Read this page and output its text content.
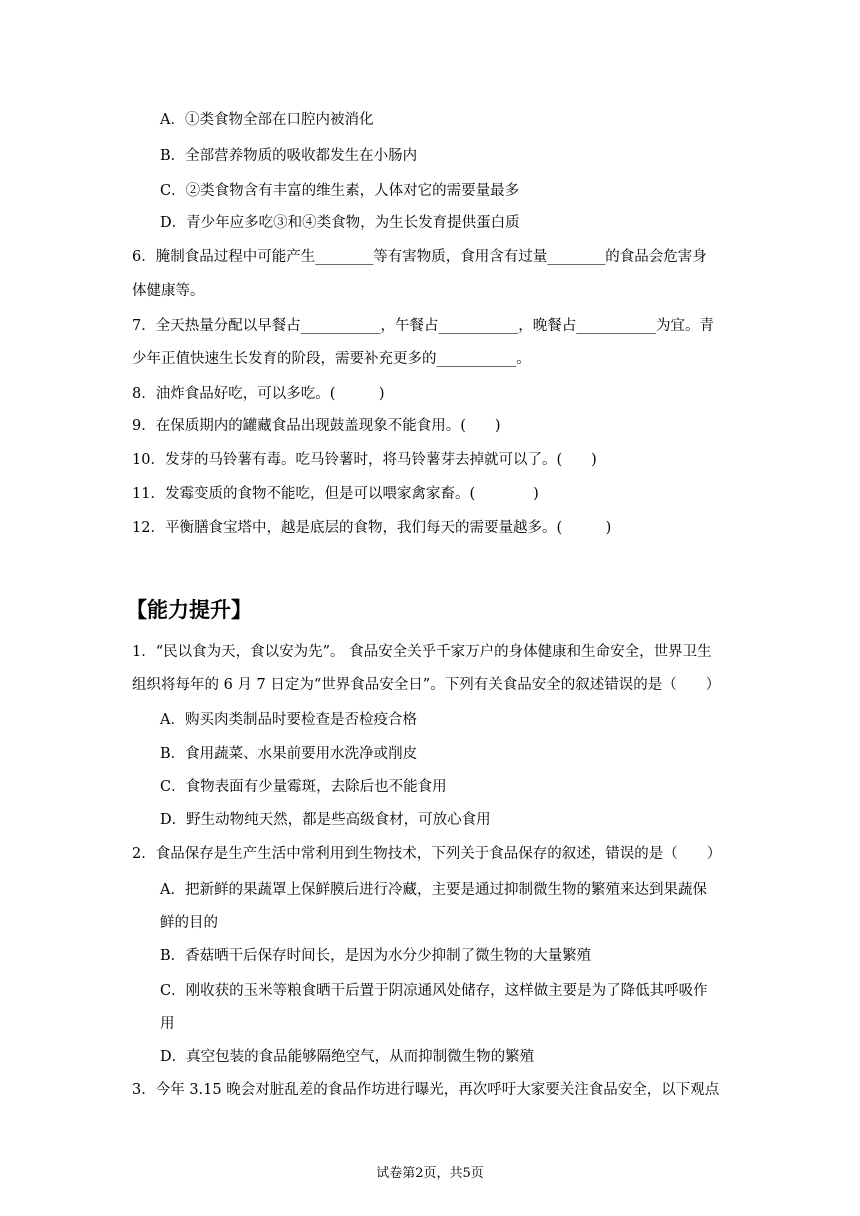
A．①类食物全部在口腔内被消化
B．全部营养物质的吸收都发生在小肠内
C．②类食物含有丰富的维生素，人体对它的需要量最多
D．青少年应多吃③和④类食物，为生长发育提供蛋白质
6．腌制食品过程中可能产生________等有害物质，食用含有过量________的食品会危害身
体健康等。
7．全天热量分配以早餐占___________，午餐占___________，晚餐占___________为宜。青
少年正值快速生长发育的阶段，需要补充更多的___________。
8．油炸食品好吃，可以多吃。(　　　)
9．在保质期内的罐藏食品出现鼓盖现象不能食用。(　　)
10．发芽的马铃薯有毒。吃马铃薯时，将马铃薯芽去掉就可以了。(　　)
11．发霉变质的食物不能吃，但是可以喂家禽家畜。(　　　　)
12．平衡膳食宝塔中，越是底层的食物，我们每天的需要量越多。(　　　)
【能力提升】
1．“民以食为天，食以安为先”。 食品安全关乎千家万户的身体健康和生命安全，世界卫生
组织将每年的 6 月 7 日定为“世界食品安全日”。下列有关食品安全的叙述错误的是（　　）
A．购买肉类制品时要检查是否检疫合格
B．食用蔬菜、水果前要用水洗净或削皮
C．食物表面有少量霉斑，去除后也不能食用
D．野生动物纯天然，都是些高级食材，可放心食用
2．食品保存是生产生活中常利用到生物技术，下列关于食品保存的叙述，错误的是（　　）
A．把新鲜的果蔬罩上保鲜膜后进行冷藏，主要是通过抑制微生物的繁殖来达到果蔬保
鲜的目的
B．香菇晒干后保存时间长，是因为水分少抑制了微生物的大量繁殖
C．刚收获的玉米等粮食晒干后置于阴凉通风处储存，这样做主要是为了降低其呼吸作
用
D．真空包装的食品能够隔绝空气，从而抑制微生物的繁殖
3．今年 3.15 晚会对脏乱差的食品作坊进行曝光，再次呼吁大家要关注食品安全，以下观点
试卷第2页，共5页
